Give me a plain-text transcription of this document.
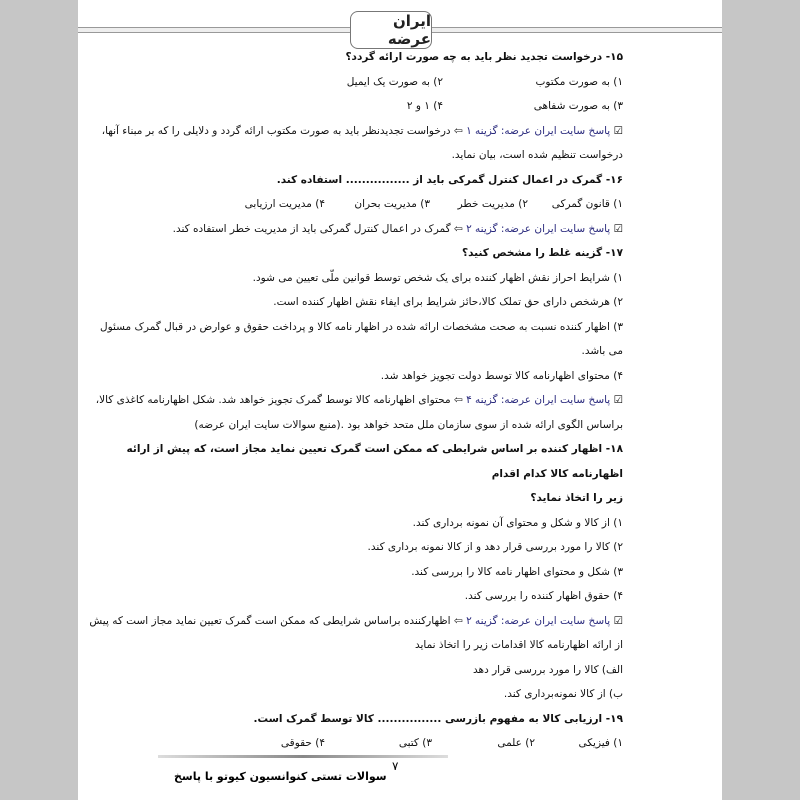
ایران عرضه
۱۵- درخواست تجدید نظر باید به چه صورت ارائه گردد؟
۱) به صورت مکتوب
۲) به صورت یک ایمیل
۳) به صورت شفاهی
۴) ۱ و ۲
☑ پاسخ سایت ایران عرضه: گزینه ۱ ⇦ درخواست تجدیدنظر باید به صورت مکتوب ارائه گردد و دلایلی را که بر مبناء آنها،
درخواست تنظیم شده است، بیان نماید.
۱۶- گمرک در اعمال کنترل گمرکی باید از ................ استفاده کند.
۱) قانون گمرکی
۲) مدیریت خطر
۳) مدیریت بحران
۴) مدیریت ارزیابی
☑ پاسخ سایت ایران عرضه: گزینه ۲ ⇦ گمرک در اعمال کنترل گمرکی باید از مدیریت خطر استفاده کند.
۱۷- گزینه غلط را مشخص کنید؟
۱) شرایط احراز نقش اظهار کننده برای یک شخص توسط قوانین ملّی تعیین می شود.
۲) هرشخص دارای حق تملک کالا،حائز شرایط برای ایفاء نقش اظهار کننده است.
۳) اظهار کننده نسبت به صحت مشخصات ارائه شده در اظهار نامه کالا و پرداخت حقوق و عوارض در قبال گمرک مسئول
می باشد.
۴) محتوای اظهارنامه کالا توسط دولت تجویز خواهد شد.
☑ پاسخ سایت ایران عرضه: گزینه ۴ ⇦ محتوای اظهارنامه کالا توسط گمرک تجویز خواهد شد. شکل اظهارنامه کاغذی کالا،
براساس الگوی ارائه شده از سوی سازمان ملل متحد خواهد بود .(منبع سوالات سایت ایران عرضه)
۱۸- اظهار کننده بر اساس شرایطی که ممکن است گمرک تعیین نماید مجاز است، که پیش از ارائه اظهارنامه کالا کدام اقدام
زیر را اتخاذ نماید؟
۱) از کالا و شکل و محتوای آن نمونه برداری کند.
۲) کالا را مورد بررسی قرار دهد و از کالا نمونه برداری کند.
۳) شکل و محتوای اظهار نامه کالا را بررسی کند.
۴) حقوق اظهار کننده را بررسی کند.
☑ پاسخ سایت ایران عرضه: گزینه ۲ ⇦ اظهارکننده براساس شرایطی که ممکن است گمرک تعیین نماید مجاز است که پیش
از ارائه اظهارنامه کالا اقدامات زیر را اتخاذ نماید
الف) کالا را مورد بررسی قرار دهد
ب) از کالا نمونه‌برداری کند.
۱۹- ارزیابی کالا به مفهوم بازرسی ................ کالا توسط گمرک است.
۱) فیزیکی
۲) علمی
۳) کتبی
۴) حقوقی
۷
سوالات تستی کنوانسیون کیوتو با پاسخ
